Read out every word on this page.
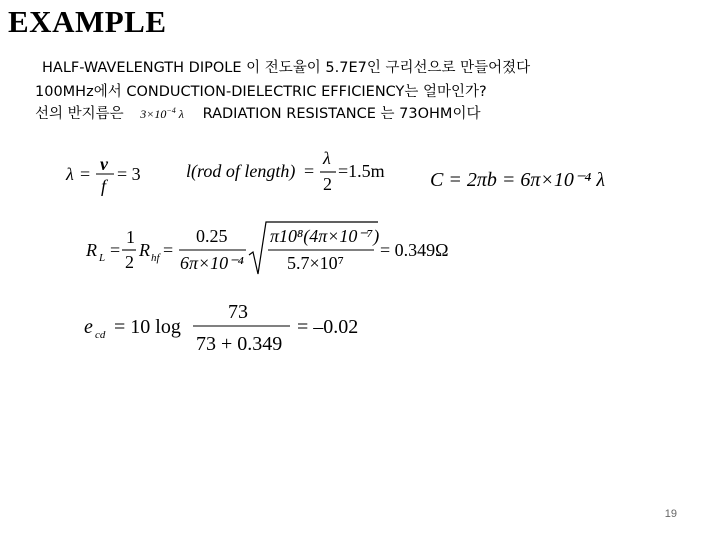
EXAMPLE
HALF-WAVELENGTH DIPOLE 이 전도율이 5.7E7인 구리선으로 만들어졌다
100MHz에서 CONDUCTION-DIELECTRIC EFFICIENCY는 얼마인가?
선의 반지름은 $3\times 10^{-4}$ λ RADIATION RESISTANCE 는 73OHM이다
λ = v
f
= 3	l(rod of length) =
λ
2
=1.5m C = 2πb = 6π×10⁻⁴ λ
R L =
1
2
R hf =
0.25
6π×10⁻⁴
π10⁸(4π×10⁻⁷)
5.7×10⁷
= 0.349Ω
e cd = 10 log
73
73 + 0.349
= –0.02
19
